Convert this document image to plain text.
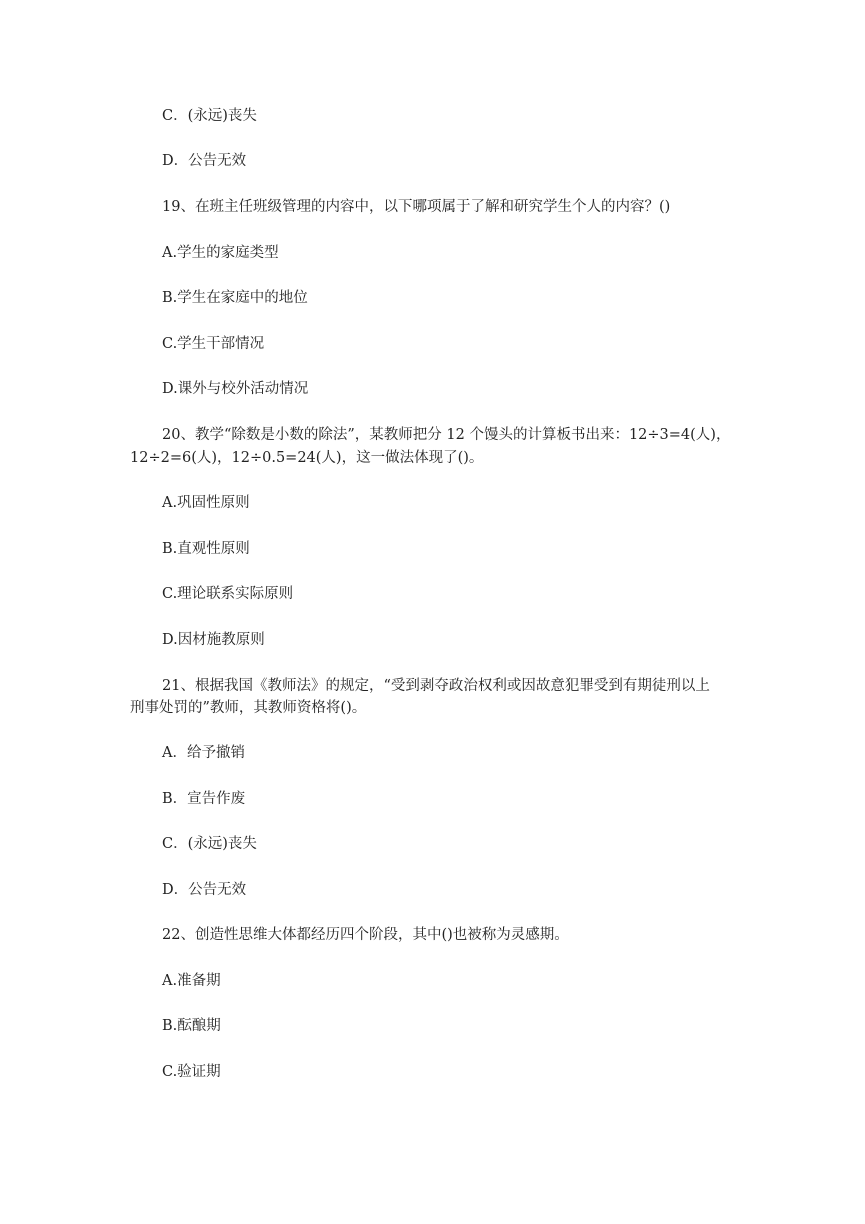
C．(永远)丧失
D．公告无效
19、在班主任班级管理的内容中，以下哪项属于了解和研究学生个人的内容？()
A.学生的家庭类型
B.学生在家庭中的地位
C.学生干部情况
D.课外与校外活动情况
20、教学“除数是小数的除法”，某教师把分 12 个馒头的计算板书出来：12÷3=4(人)，
12÷2=6(人)，12÷0.5=24(人)，这一做法体现了()。
A.巩固性原则
B.直观性原则
C.理论联系实际原则
D.因材施教原则
21、根据我国《教师法》的规定，“受到剥夺政治权利或因故意犯罪受到有期徒刑以上
刑事处罚的”教师，其教师资格将()。
A．给予撤销
B．宣告作废
C．(永远)丧失
D．公告无效
22、创造性思维大体都经历四个阶段，其中()也被称为灵感期。
A.准备期
B.酝酿期
C.验证期
